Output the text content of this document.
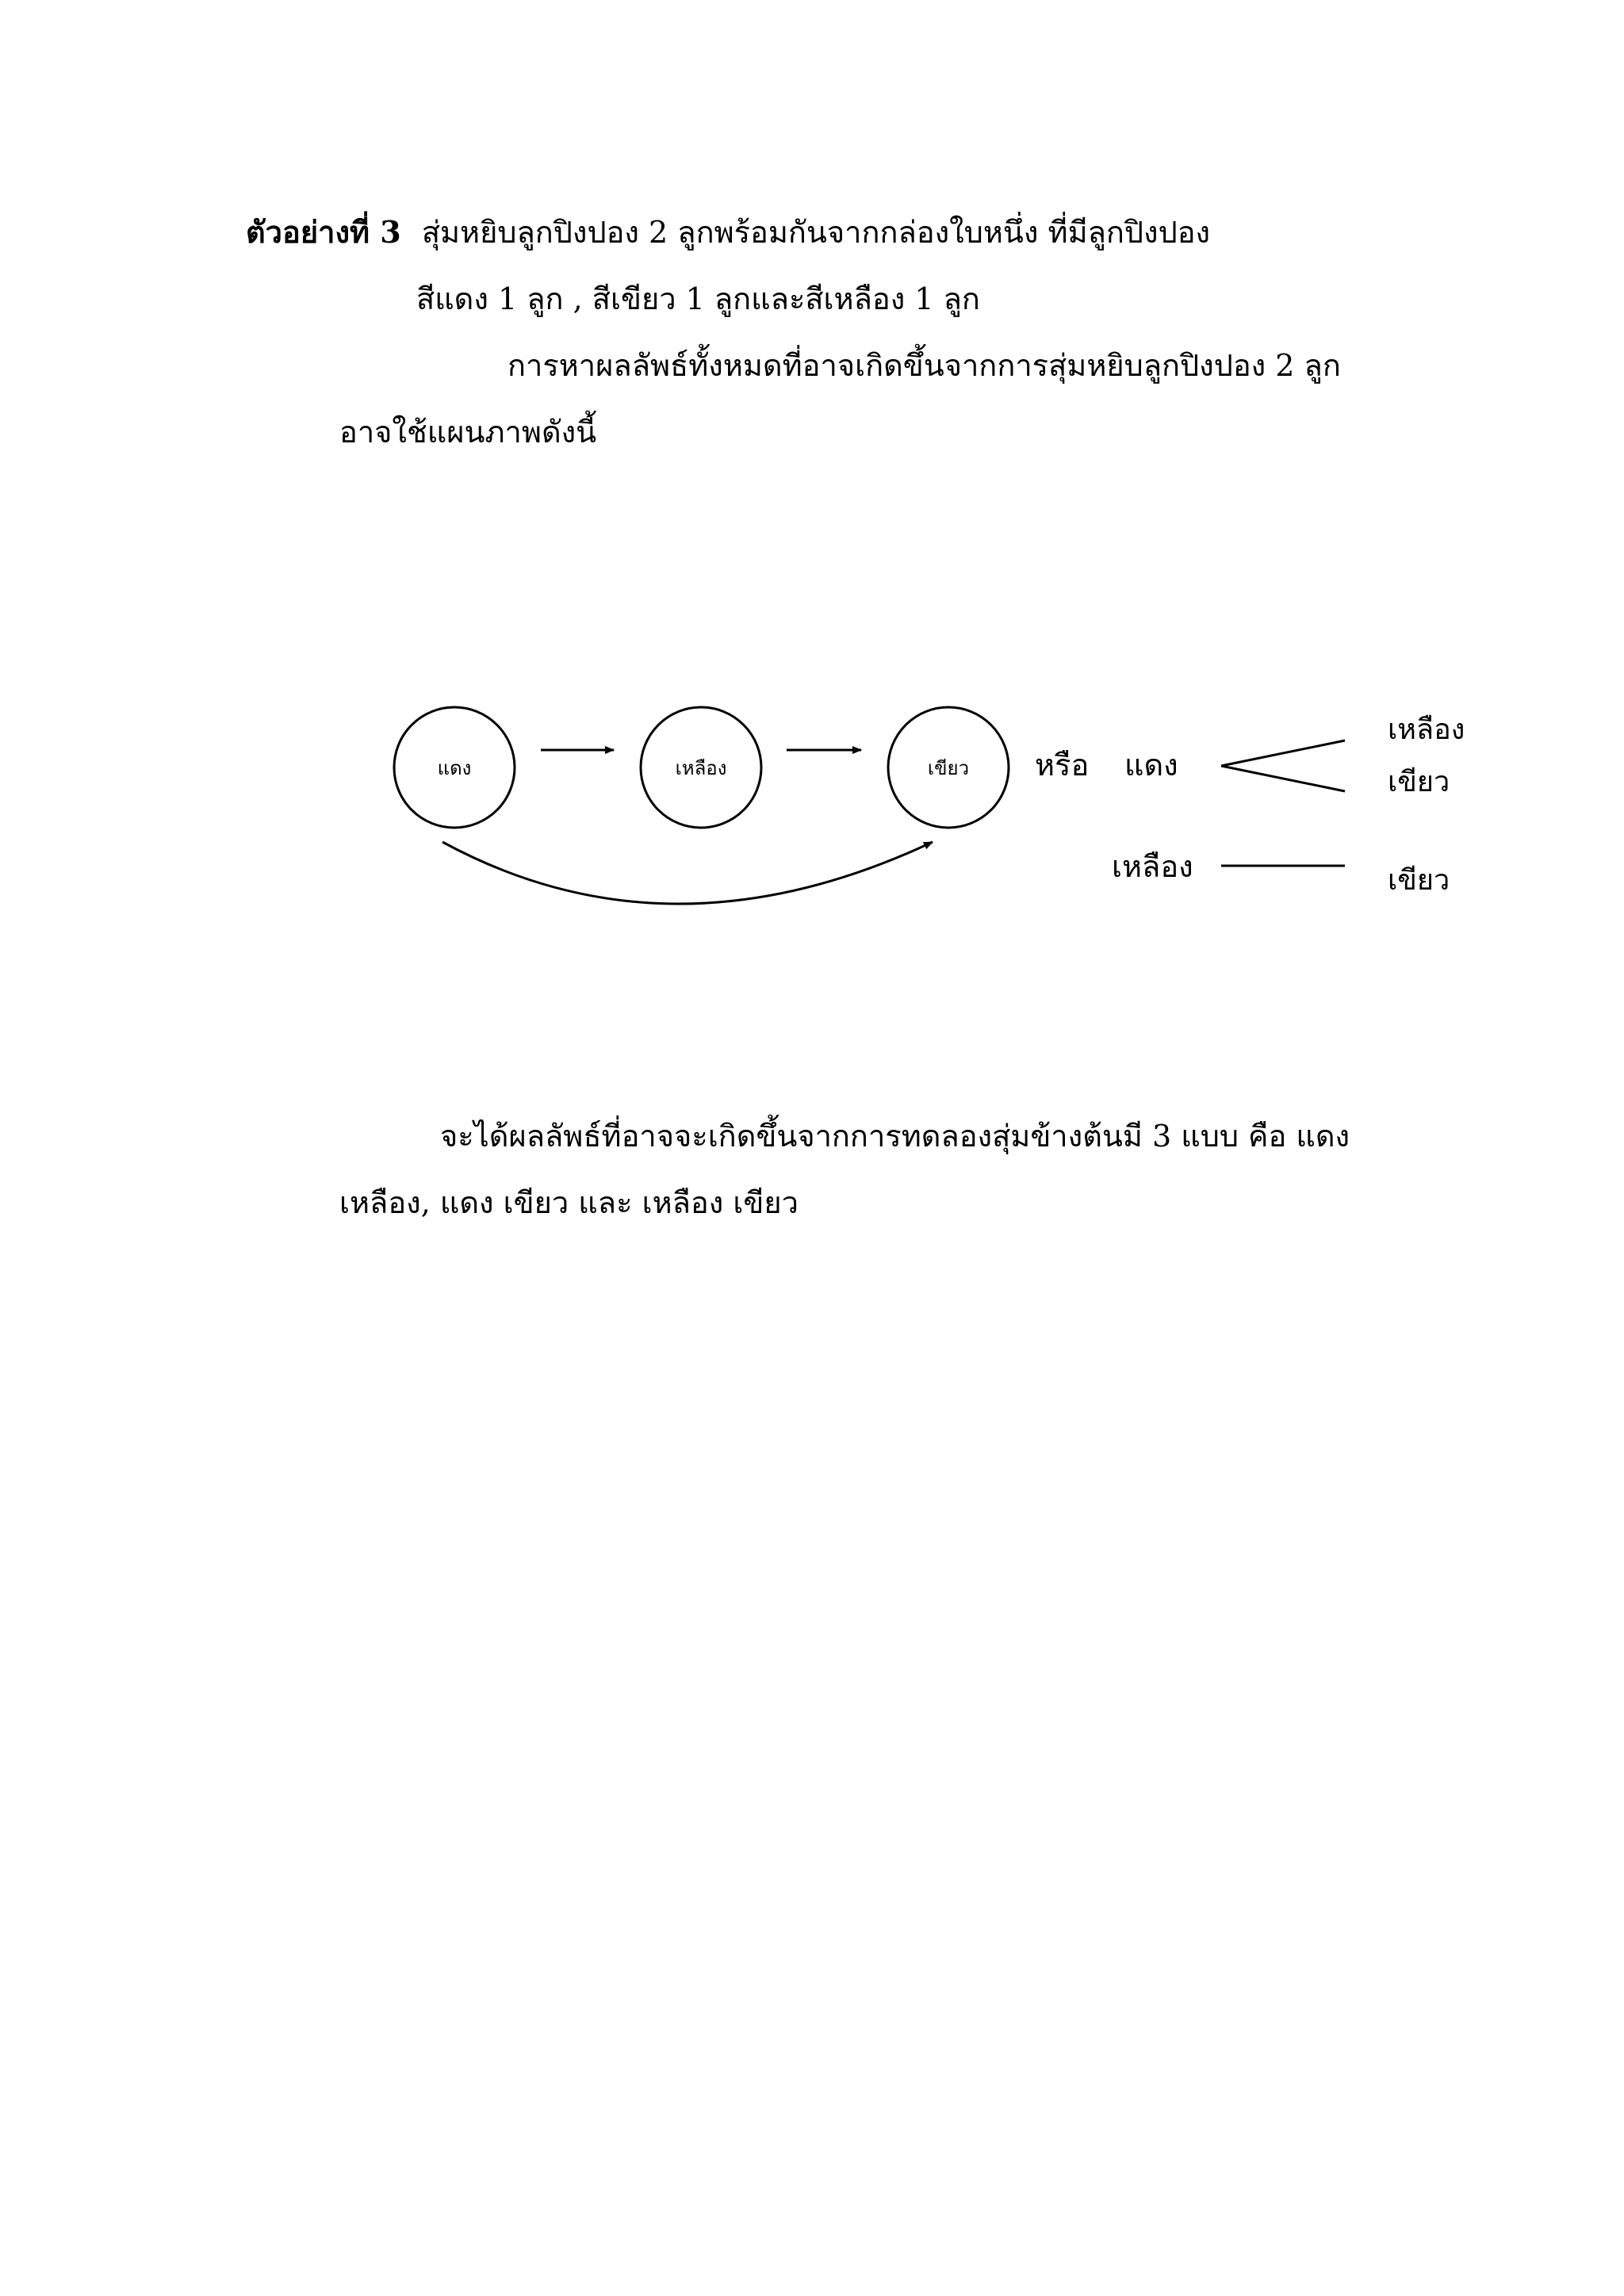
ตัวอย่างที่ 3 สุ่มหยิบลูกปิงปอง 2 ลูกพร้อมกันจากกล่องใบหนึ่ง ที่มีลูกปิงปอง
สีแดง 1 ลูก , สีเขียว 1 ลูกและสีเหลือง 1 ลูก
การหาผลลัพธ์ทั้งหมดที่อาจเกิดขึ้นจากการสุ่มหยิบลูกปิงปอง 2 ลูก
อาจใช้แผนภาพดังนี้
แดง	เหลือง	เขียว หรือ แดง
เหลือง
เขียว
เหลือง	เขียว
จะได้ผลลัพธ์ที่อาจจะเกิดขึ้นจากการทดลองสุ่มข้างต้นมี 3 แบบ คือ แดง
เหลือง, แดง เขียว และ เหลือง เขียว
